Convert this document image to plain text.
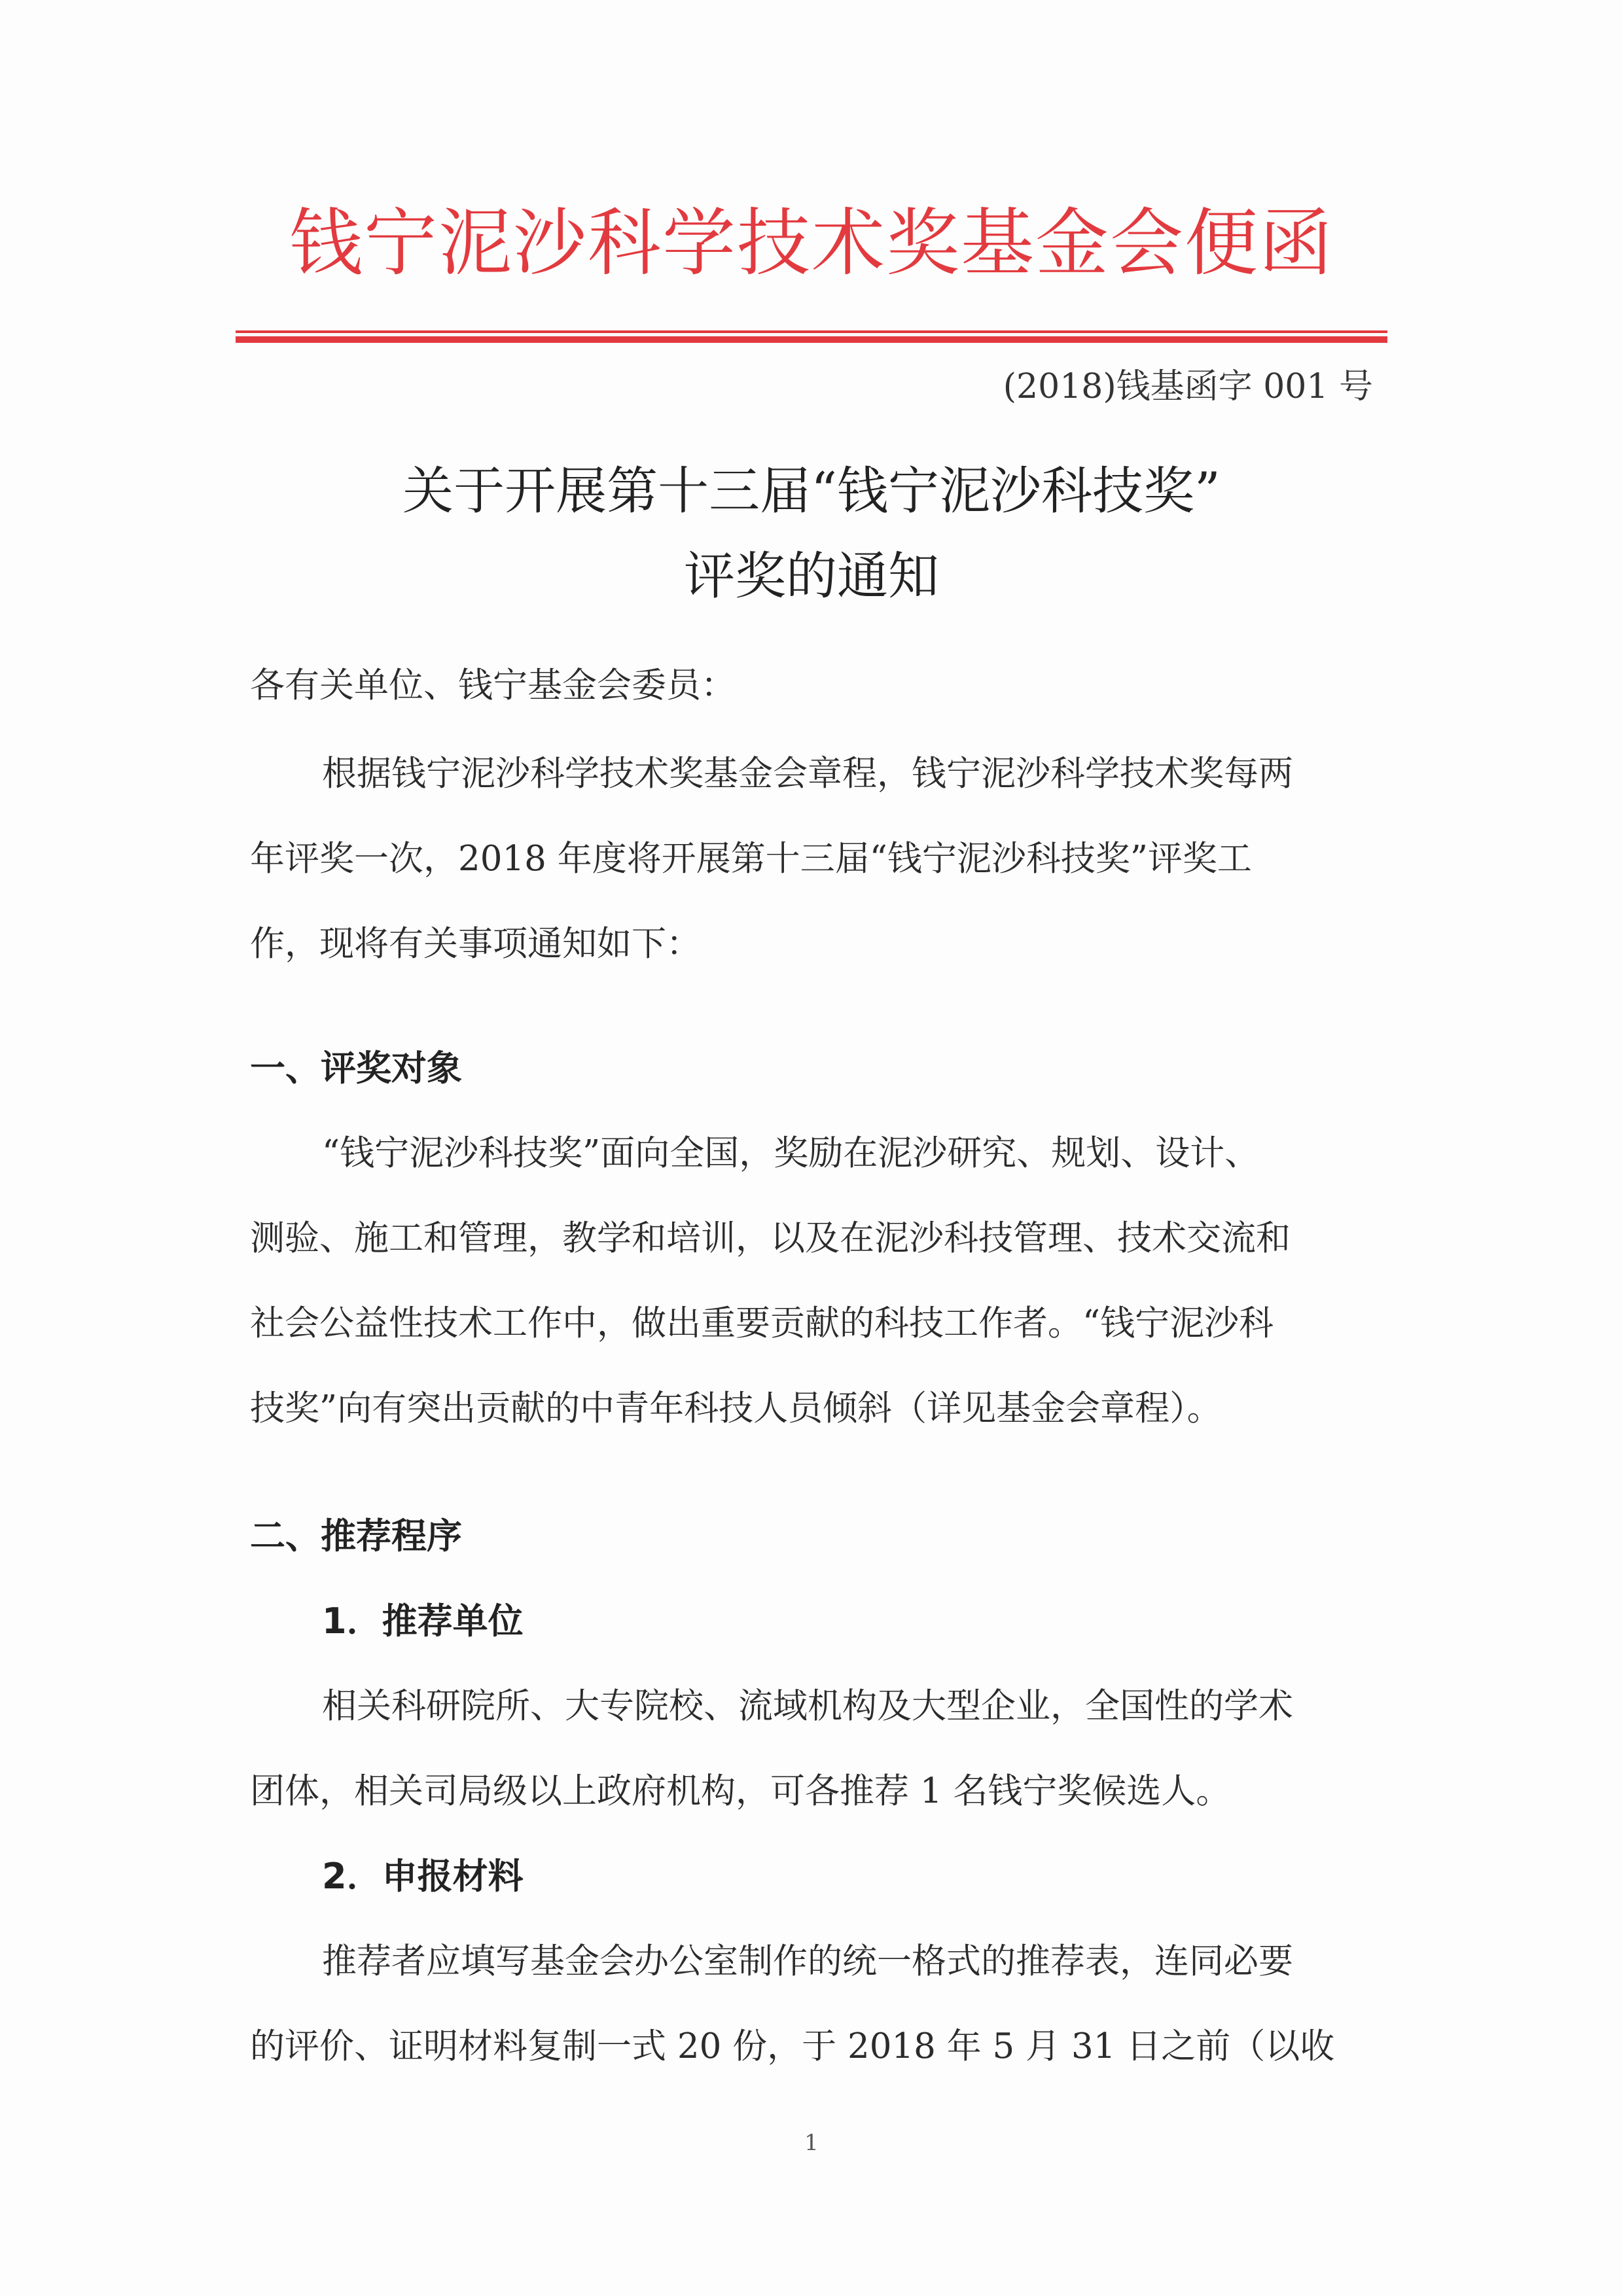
钱宁泥沙科学技术奖基金会便函
(2018)钱基函字 001 号
关于开展第十三届“钱宁泥沙科技奖”
评奖的通知
各有关单位、钱宁基金会委员：
根据钱宁泥沙科学技术奖基金会章程，钱宁泥沙科学技术奖每两
年评奖一次，2018 年度将开展第十三届“钱宁泥沙科技奖”评奖工
作，现将有关事项通知如下：
一、评奖对象
“钱宁泥沙科技奖”面向全国，奖励在泥沙研究、规划、设计、
测验、施工和管理，教学和培训，以及在泥沙科技管理、技术交流和
社会公益性技术工作中，做出重要贡献的科技工作者。“钱宁泥沙科
技奖”向有突出贡献的中青年科技人员倾斜（详见基金会章程）。
二、推荐程序
1．推荐单位
相关科研院所、大专院校、流域机构及大型企业，全国性的学术
团体，相关司局级以上政府机构，可各推荐 1 名钱宁奖候选人。
2．申报材料
推荐者应填写基金会办公室制作的统一格式的推荐表，连同必要
的评价、证明材料复制一式 20 份，于 2018 年 5 月 31 日之前（以收
1
